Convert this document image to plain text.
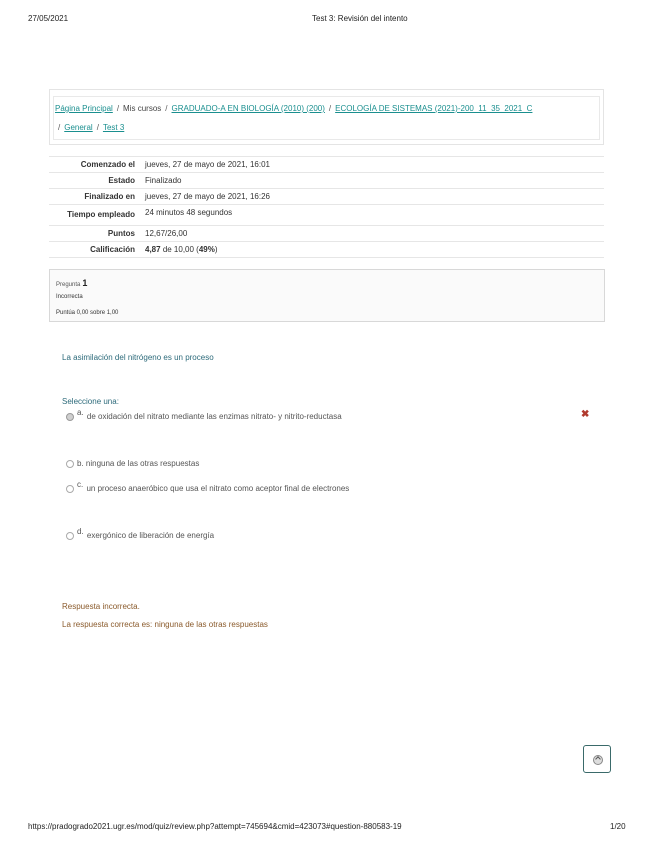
27/05/2021	Test 3: Revisión del intento
Página Principal / Mis cursos / GRADUADO-A EN BIOLOGÍA (2010) (200) / ECOLOGÍA DE SISTEMAS (2021)-200_11_35_2021_C
/ General / Test 3
Comenzado el	jueves, 27 de mayo de 2021, 16:01
Estado	Finalizado
Finalizado en	jueves, 27 de mayo de 2021, 16:26
Tiempo empleado	24 minutos 48 segundos
Puntos	12,67/26,00
Calificación	4,87 de 10,00 (49%)
Pregunta 1
Incorrecta
Puntúa 0,00 sobre 1,00
La asimilación del nitrógeno es un proceso
Seleccione una:
a. de oxidación del nitrato mediante las enzimas nitrato- y nitrito-reductasa	✖
b. ninguna de las otras respuestas
c. un proceso anaeróbico que usa el nitrato como aceptor final de electrones
d. exergónico de liberación de energía
Respuesta incorrecta.
La respuesta correcta es: ninguna de las otras respuestas
https://pradogrado2021.ugr.es/mod/quiz/review.php?attempt=745694&cmid=423073#question-880583-19	1/20
